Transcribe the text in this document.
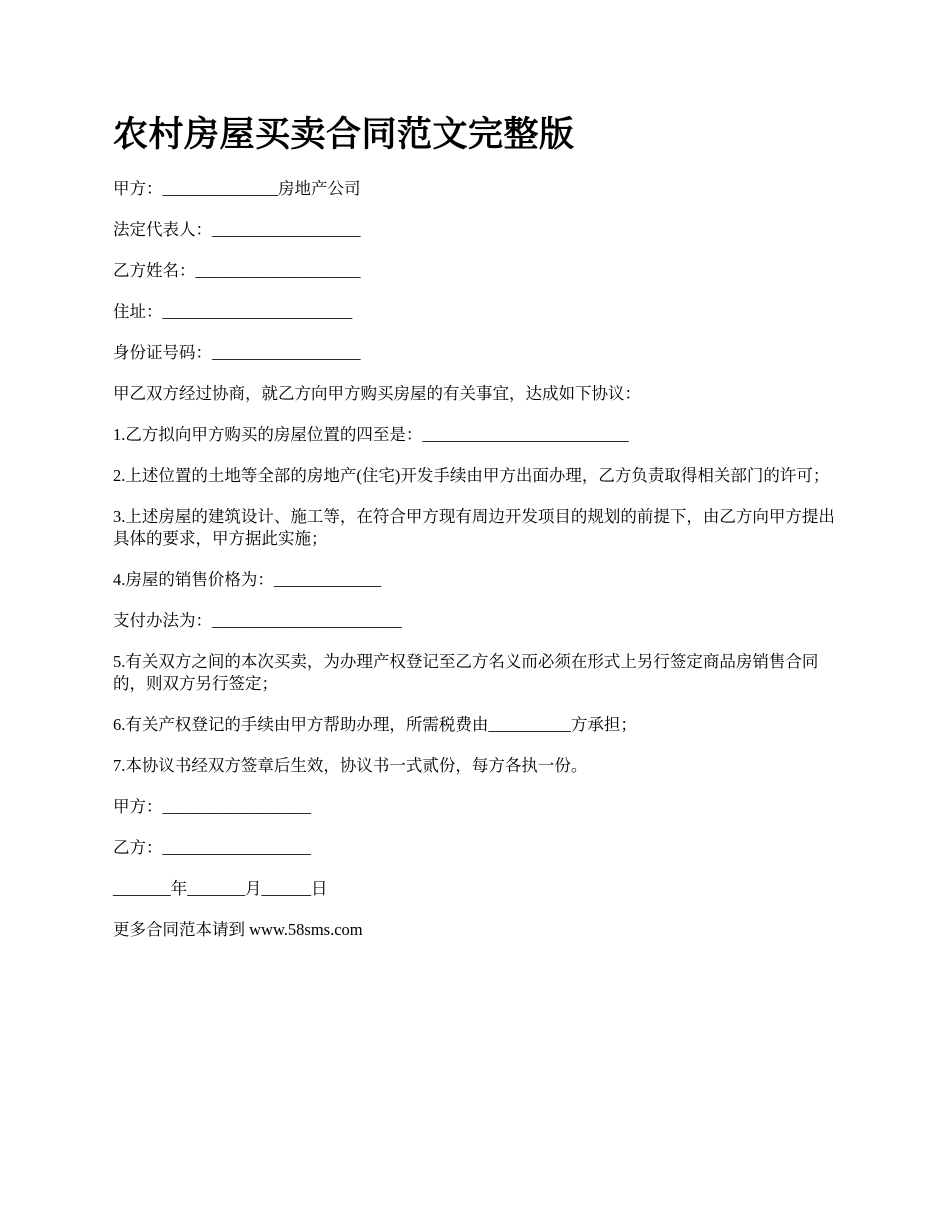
农村房屋买卖合同范文完整版

甲方：______________房地产公司

法定代表人：__________________

乙方姓名：____________________

住址：_______________________

身份证号码：__________________

甲乙双方经过协商，就乙方向甲方购买房屋的有关事宜，达成如下协议：

1.乙方拟向甲方购买的房屋位置的四至是：_________________________

2.上述位置的土地等全部的房地产(住宅)开发手续由甲方出面办理，乙方负责取得相关部门的许可；

3.上述房屋的建筑设计、施工等，在符合甲方现有周边开发项目的规划的前提下，由乙方向甲方提出具体的要求，甲方据此实施；

4.房屋的销售价格为：_____________

支付办法为：_______________________

5.有关双方之间的本次买卖，为办理产权登记至乙方名义而必须在形式上另行签定商品房销售合同的，则双方另行签定；

6.有关产权登记的手续由甲方帮助办理，所需税费由__________方承担；

7.本协议书经双方签章后生效，协议书一式贰份，每方各执一份。

甲方：__________________

乙方：__________________

_______年_______月______日

更多合同范本请到 www.58sms.com
